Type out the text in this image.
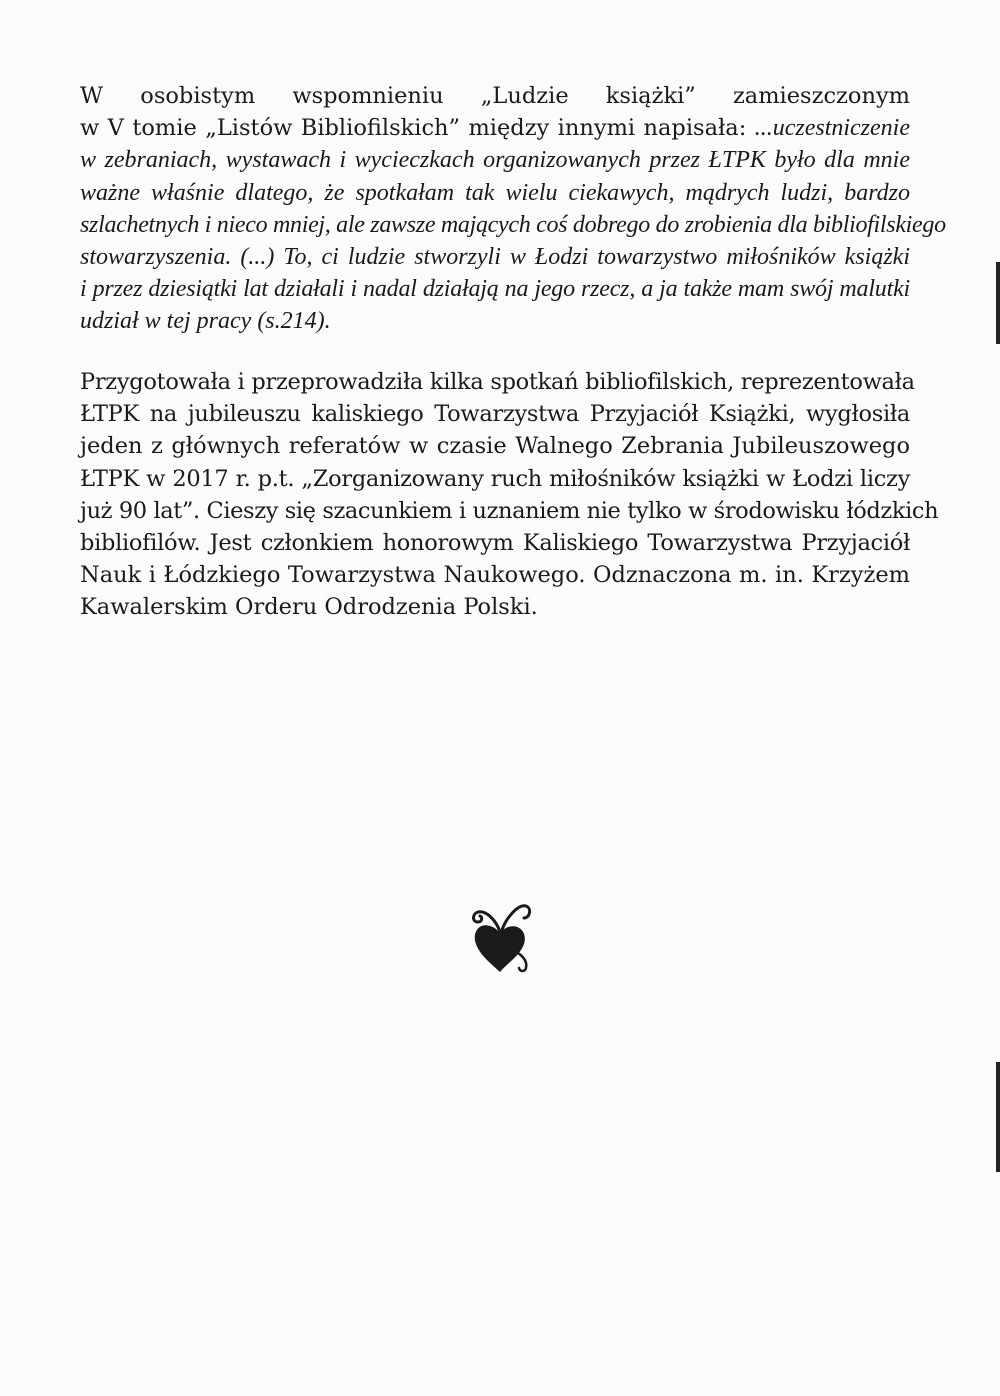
W osobistym wspomnieniu „Ludzie książki” zamieszczonym
w V tomie „Listów Bibliofilskich” między innymi napisała: ...uczestniczenie
w zebraniach, wystawach i wycieczkach organizowanych przez ŁTPK było dla mnie
ważne właśnie dlatego, że spotkałam tak wielu ciekawych, mądrych ludzi, bardzo
szlachetnych i nieco mniej, ale zawsze mających coś dobrego do zrobienia dla bibliofilskiego
stowarzyszenia. (...) To, ci ludzie stworzyli w Łodzi towarzystwo miłośników książki
i przez dziesiątki lat działali i nadal działają na jego rzecz, a ja także mam swój malutki
udział w tej pracy (s.214).
Przygotowała i przeprowadziła kilka spotkań bibliofilskich, reprezentowała
ŁTPK na jubileuszu kaliskiego Towarzystwa Przyjaciół Książki, wygłosiła
jeden z głównych referatów w czasie Walnego Zebrania Jubileuszowego
ŁTPK w 2017 r. p.t. „Zorganizowany ruch miłośników książki w Łodzi liczy
już 90 lat”. Cieszy się szacunkiem i uznaniem nie tylko w środowisku łódzkich
bibliofilów. Jest członkiem honorowym Kaliskiego Towarzystwa Przyjaciół
Nauk i Łódzkiego Towarzystwa Naukowego. Odznaczona m. in. Krzyżem
Kawalerskim Orderu Odrodzenia Polski.
